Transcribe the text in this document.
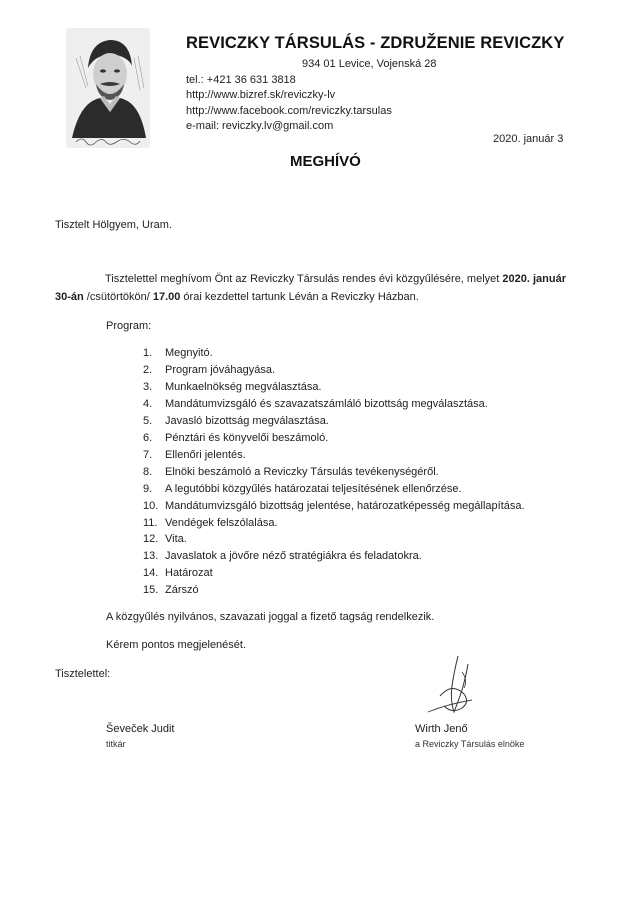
REVICZKY TÁRSULÁS - ZDRUŽENIE REVICZKY
934 01 Levice, Vojenská 28
tel.: +421 36 631 3818
http://www.bizref.sk/reviczky-lv
http://www.facebook.com/reviczky.tarsulas
e-mail: reviczky.lv@gmail.com
2020. január 3
MEGHÍVÓ
Tisztelt Hölgyem, Uram.
Tisztelettel meghívom Önt az Reviczky Társulás rendes évi közgyűlésére, melyet 2020. január 30-án /csütörtökön/ 17.00 órai kezdettel tartunk Léván a Reviczky Házban.
Program:
1. Megnyitó.
2. Program jóváhagyása.
3. Munkaelnökség megválasztása.
4. Mandátumvizsgáló és szavazatszámláló bizottság megválasztása.
5. Javasló bizottság megválasztása.
6. Pénztári és könyvelői beszámoló.
7. Ellenőri jelentés.
8. Elnöki beszámoló a Reviczky Társulás tevékenységéről.
9. A legutóbbi közgyűlés határozatai teljesítésének ellenőrzése.
10. Mandátumvizsgáló bizottság jelentése, határozatképesség megállapítása.
11. Vendégek felszólalása.
12. Vita.
13. Javaslatok a jövőre néző stratégiákra és feladatokra.
14. Határozat
15. Zárszó
A közgyűlés nyilvános, szavazati joggal a fizető tagság rendelkezik.
Kérem pontos megjelenését.
Tisztelettel:
Ševeček Judit
titkár
Wirth Jenő
a Reviczky Társulás elnöke
